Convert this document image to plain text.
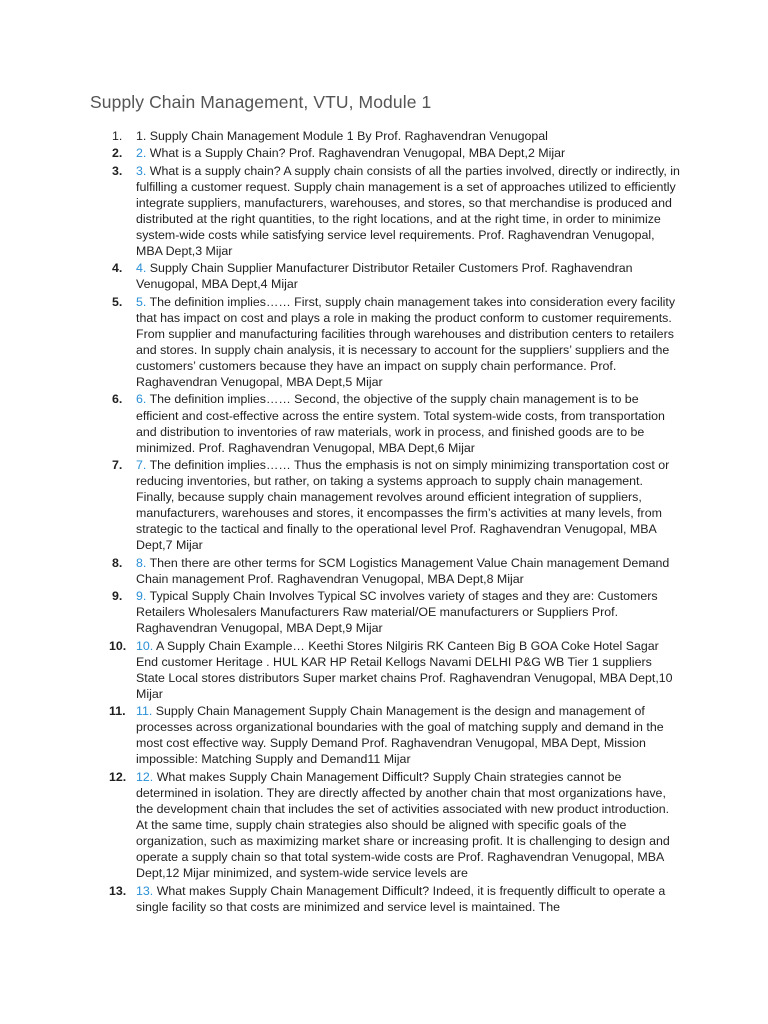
Supply Chain Management, VTU, Module 1
1.	1. Supply Chain Management Module 1 By Prof. Raghavendran Venugopal
2.	2. What is a Supply Chain? Prof. Raghavendran Venugopal, MBA Dept,2 Mijar
3.	3. What is a supply chain? A supply chain consists of all the parties involved, directly or indirectly, in fulfilling a customer request. Supply chain management is a set of approaches utilized to efficiently integrate suppliers, manufacturers, warehouses, and stores, so that merchandise is produced and distributed at the right quantities, to the right locations, and at the right time, in order to minimize system-wide costs while satisfying service level requirements. Prof. Raghavendran Venugopal, MBA Dept,3 Mijar
4.	4. Supply Chain Supplier Manufacturer Distributor Retailer Customers Prof. Raghavendran Venugopal, MBA Dept,4 Mijar
5.	5. The definition implies…… First, supply chain management takes into consideration every facility that has impact on cost and plays a role in making the product conform to customer requirements. From supplier and manufacturing facilities through warehouses and distribution centers to retailers and stores. In supply chain analysis, it is necessary to account for the suppliers’ suppliers and the customers’ customers because they have an impact on supply chain performance. Prof. Raghavendran Venugopal, MBA Dept,5 Mijar
6.	6. The definition implies…… Second, the objective of the supply chain management is to be efficient and cost-effective across the entire system. Total system-wide costs, from transportation and distribution to inventories of raw materials, work in process, and finished goods are to be minimized. Prof. Raghavendran Venugopal, MBA Dept,6 Mijar
7.	7. The definition implies…… Thus the emphasis is not on simply minimizing transportation cost or reducing inventories, but rather, on taking a systems approach to supply chain management. Finally, because supply chain management revolves around efficient integration of suppliers, manufacturers, warehouses and stores, it encompasses the firm’s activities at many levels, from strategic to the tactical and finally to the operational level Prof. Raghavendran Venugopal, MBA Dept,7 Mijar
8.	8. Then there are other terms for SCM Logistics Management Value Chain management Demand Chain management Prof. Raghavendran Venugopal, MBA Dept,8 Mijar
9.	9. Typical Supply Chain Involves Typical SC involves variety of stages and they are: Customers Retailers Wholesalers Manufacturers Raw material/OE manufacturers or Suppliers Prof. Raghavendran Venugopal, MBA Dept,9 Mijar
10. 10. A Supply Chain Example… Keethi Stores Nilgiris RK Canteen Big B GOA Coke Hotel Sagar End customer Heritage . HUL KAR HP Retail Kellogs Navami DELHI P&G WB Tier 1 suppliers State Local stores distributors Super market chains Prof. Raghavendran Venugopal, MBA Dept,10 Mijar
11. 11. Supply Chain Management Supply Chain Management is the design and management of processes across organizational boundaries with the goal of matching supply and demand in the most cost effective way. Supply Demand Prof. Raghavendran Venugopal, MBA Dept, Mission impossible: Matching Supply and Demand11 Mijar
12. 12. What makes Supply Chain Management Difficult? Supply Chain strategies cannot be determined in isolation. They are directly affected by another chain that most organizations have, the development chain that includes the set of activities associated with new product introduction. At the same time, supply chain strategies also should be aligned with specific goals of the organization, such as maximizing market share or increasing profit. It is challenging to design and operate a supply chain so that total system-wide costs are Prof. Raghavendran Venugopal, MBA Dept,12 Mijar minimized, and system-wide service levels are
13. 13. What makes Supply Chain Management Difficult? Indeed, it is frequently difficult to operate a single facility so that costs are minimized and service level is maintained. The
